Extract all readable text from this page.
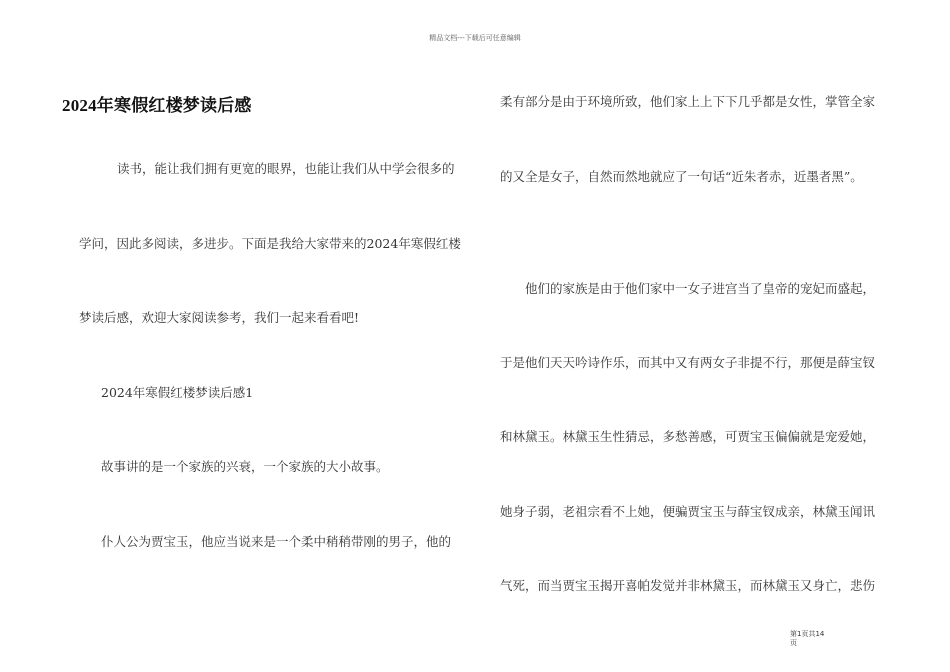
精品文档---下载后可任意编辑
2024年寒假红楼梦读后感
读书，能让我们拥有更宽的眼界，也能让我们从中学会很多的
学问，因此多阅读，多进步。下面是我给大家带来的2024年寒假红楼
梦读后感，欢迎大家阅读参考，我们一起来看看吧!
2024年寒假红楼梦读后感1
故事讲的是一个家族的兴衰，一个家族的大小故事。
仆人公为贾宝玉，他应当说来是一个柔中稍稍带刚的男子，他的
柔有部分是由于环境所致，他们家上上下下几乎都是女性，掌管全家
的又全是女子，自然而然地就应了一句话“近朱者赤，近墨者黑”。
他们的家族是由于他们家中一女子进宫当了皇帝的宠妃而盛起，
于是他们天天吟诗作乐，而其中又有两女子非提不行，那便是薛宝钗
和林黛玉。林黛玉生性猜忌，多愁善感，可贾宝玉偏偏就是宠爱她，
她身子弱，老祖宗看不上她，便骗贾宝玉与薛宝钗成亲，林黛玉闻讯
气死，而当贾宝玉揭开喜帕发觉并非林黛玉，而林黛玉又身亡，悲伤
第1页共14页
